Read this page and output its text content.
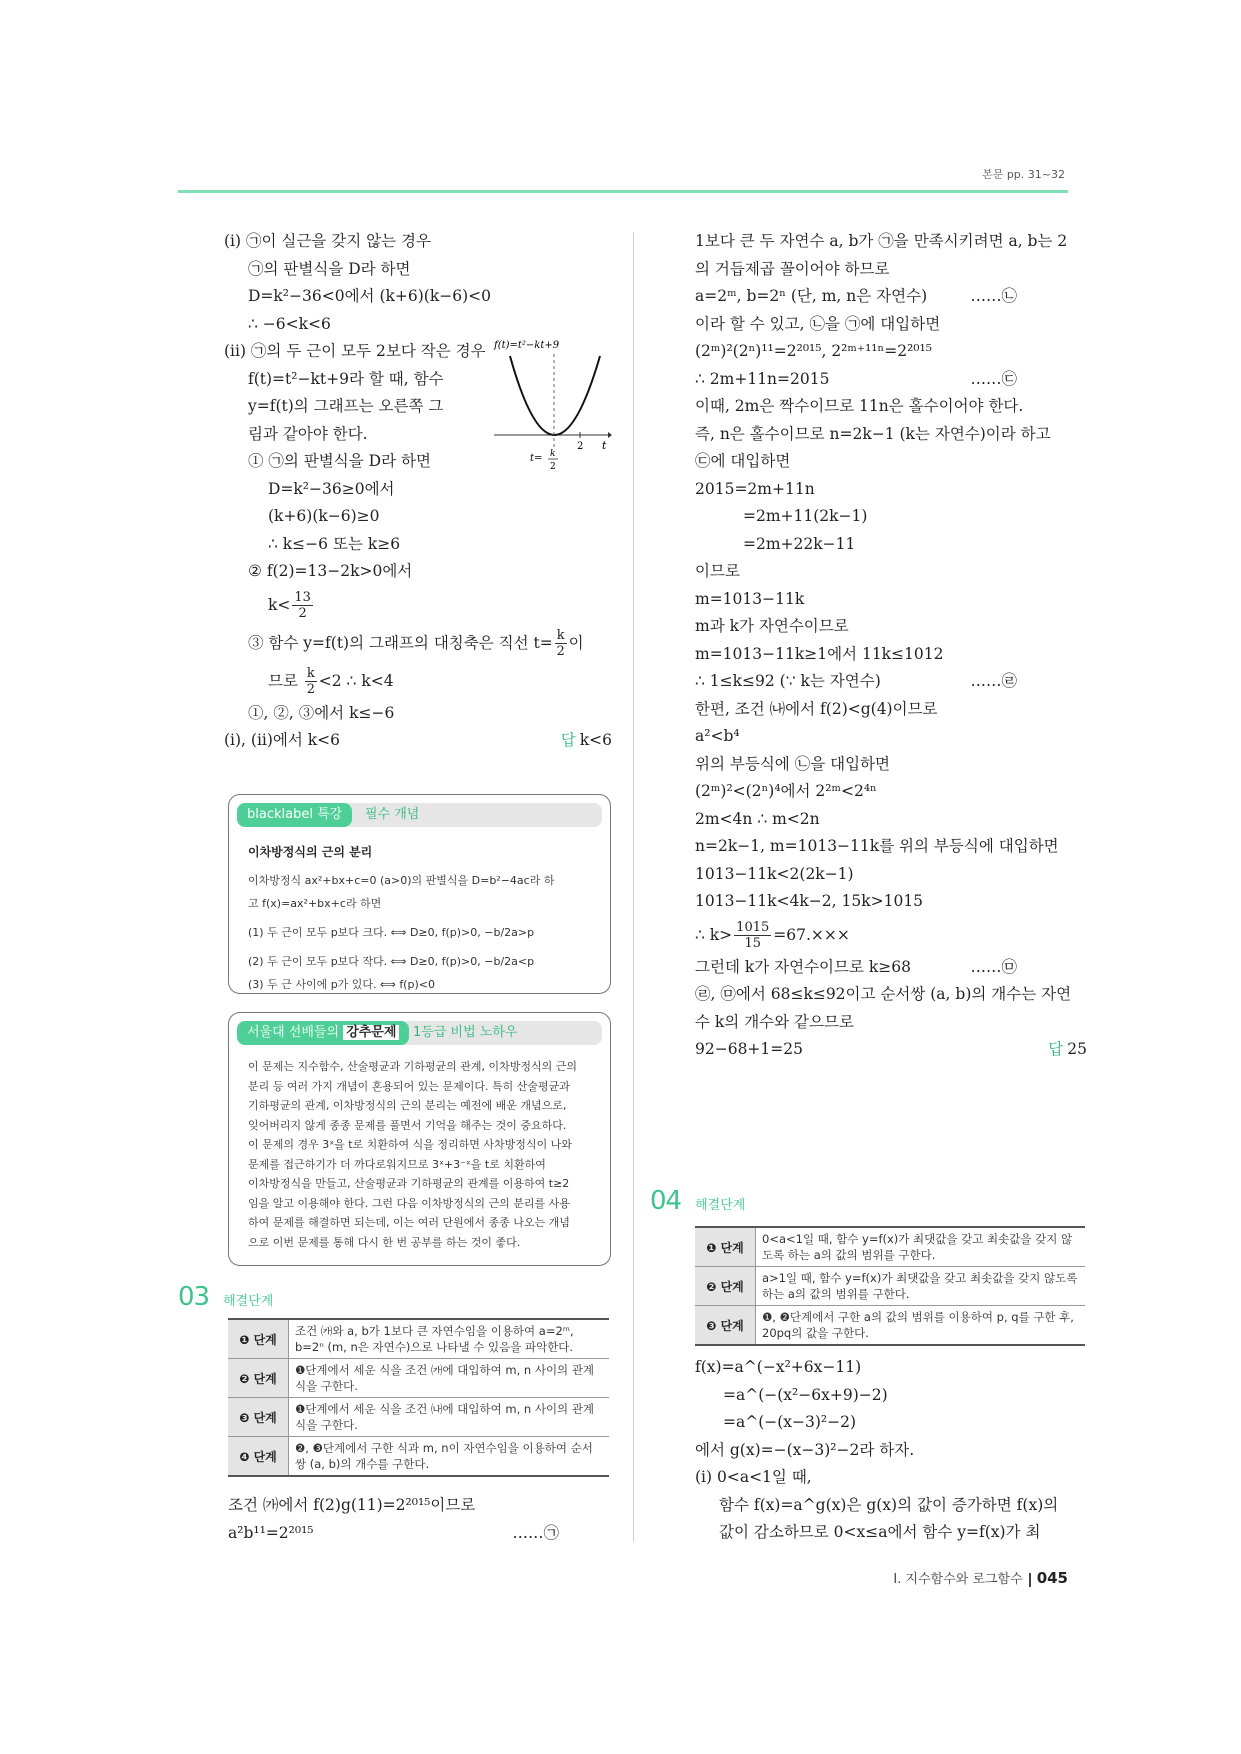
본문 pp. 31~32
(i) ㉠이 실근을 갖지 않는 경우
㉠의 판별식을 D라 하면
D=k²−36<0에서 (k+6)(k−6)<0
∴ −6<k<6
(ii) ㉠의 두 근이 모두 2보다 작은 경우
f(t)=t²−kt+9라 할 때, 함수
y=f(t)의 그래프는 오른쪽 그
림과 같아야 한다.
① ㉠의 판별식을 D라 하면
D=k²−36≥0에서
(k+6)(k−6)≥0
∴ k≤−6 또는 k≥6
② f(2)=13−2k>0에서
$k< \frac{13}{2}$
③ 함수 y=f(t)의 그래프의 대칭축은 직선 $t= \frac{k}{2}$ 이
므로 $\frac{k}{2} <2$ ∴ k<4
①, ②, ③에서 k≤−6
(i), (ii)에서 k<6	답 k<6
f(t)=t²−kt+9
t
2
t= k
2
blacklabel 특강	필수 개념
이차방정식의 근의 분리
이차방정식 ax²+bx+c=0 (a>0)의 판별식을 D=b²−4ac라 하
고 f(x)=ax²+bx+c라 하면
(1) 두 근이 모두 p보다 크다. ⟺ D≥0, f(p)>0, −b/2a>p
(2) 두 근이 모두 p보다 작다. ⟺ D≥0, f(p)>0, −b/2a<p
(3) 두 근 사이에 p가 있다. ⟺ f(p)<0
서울대 선배들의 강추문제	1등급 비법 노하우
이 문제는 지수함수, 산술평균과 기하평균의 관계, 이차방정식의 근의
분리 등 여러 가지 개념이 혼용되어 있는 문제이다. 특히 산술평균과
기하평균의 관계, 이차방정식의 근의 분리는 예전에 배운 개념으로,
잊어버리지 않게 종종 문제를 풀면서 기억을 해주는 것이 중요하다.
이 문제의 경우 3ˣ을 t로 치환하여 식을 정리하면 사차방정식이 나와
문제를 접근하기가 더 까다로워지므로 3ˣ+3⁻ˣ을 t로 치환하여
이차방정식을 만들고, 산술평균과 기하평균의 관계를 이용하여 t≥2
임을 알고 이용해야 한다. 그런 다음 이차방정식의 근의 분리를 사용
하여 문제를 해결하면 되는데, 이는 여러 단원에서 종종 나오는 개념
으로 이번 문제를 통해 다시 한 번 공부를 하는 것이 좋다.
03 해결단계
❶ 단계	조건 ㈎와 a, b가 1보다 큰 자연수임을 이용하여 a=2ᵐ, b=2ⁿ (m, n은 자연수)으로 나타낼 수 있음을 파악한다.
❷ 단계	❶단계에서 세운 식을 조건 ㈎에 대입하여 m, n 사이의 관계식을 구한다.
❸ 단계	❶단계에서 세운 식을 조건 ㈏에 대입하여 m, n 사이의 관계식을 구한다.
❹ 단계	❷, ❸단계에서 구한 식과 m, n이 자연수임을 이용하여 순서쌍 (a, b)의 개수를 구한다.
조건 ㈎에서 f(2)g(11)=2²⁰¹⁵이므로
a²b¹¹=2²⁰¹⁵	……㉠
1보다 큰 두 자연수 a, b가 ㉠을 만족시키려면 a, b는 2
의 거듭제곱 꼴이어야 하므로
a=2ᵐ, b=2ⁿ (단, m, n은 자연수)	……㉡
이라 할 수 있고, ㉡을 ㉠에 대입하면
(2ᵐ)²(2ⁿ)¹¹=2²⁰¹⁵, 2²ᵐ⁺¹¹ⁿ=2²⁰¹⁵
∴ 2m+11n=2015	……㉢
이때, 2m은 짝수이므로 11n은 홀수이어야 한다.
즉, n은 홀수이므로 n=2k−1 (k는 자연수)이라 하고
㉢에 대입하면
2015=2m+11n
=2m+11(2k−1)
=2m+22k−11
이므로
m=1013−11k
m과 k가 자연수이므로
m=1013−11k≥1에서 11k≤1012
∴ 1≤k≤92 (∵ k는 자연수)	……㉣
한편, 조건 ㈏에서 f(2)<g(4)이므로
a²<b⁴
위의 부등식에 ㉡을 대입하면
(2ᵐ)²<(2ⁿ)⁴에서 2²ᵐ<2⁴ⁿ
2m<4n ∴ m<2n
n=2k−1, m=1013−11k를 위의 부등식에 대입하면
1013−11k<2(2k−1)
1013−11k<4k−2, 15k>1015
∴ $k> \frac{1015}{15} =67.\times\times\times$
그런데 k가 자연수이므로 k≥68	……㉤
㉣, ㉤에서 68≤k≤92이고 순서쌍 (a, b)의 개수는 자연
수 k의 개수와 같으므로
92−68+1=25	답 25
04 해결단계
❶ 단계	0<a<1일 때, 함수 y=f(x)가 최댓값을 갖고 최솟값을 갖지 않도록 하는 a의 값의 범위를 구한다.
❷ 단계	a>1일 때, 함수 y=f(x)가 최댓값을 갖고 최솟값을 갖지 않도록 하는 a의 값의 범위를 구한다.
❸ 단계	❶, ❷단계에서 구한 a의 값의 범위를 이용하여 p, q를 구한 후, 20pq의 값을 구한다.
f(x)=a^(−x²+6x−11)
=a^(−(x²−6x+9)−2)
=a^(−(x−3)²−2)
에서 g(x)=−(x−3)²−2라 하자.
(i) 0<a<1일 때,
함수 f(x)=a^g(x)은 g(x)의 값이 증가하면 f(x)의
값이 감소하므로 0<x≤a에서 함수 y=f(x)가 최
Ⅰ. 지수함수와 로그함수 045
